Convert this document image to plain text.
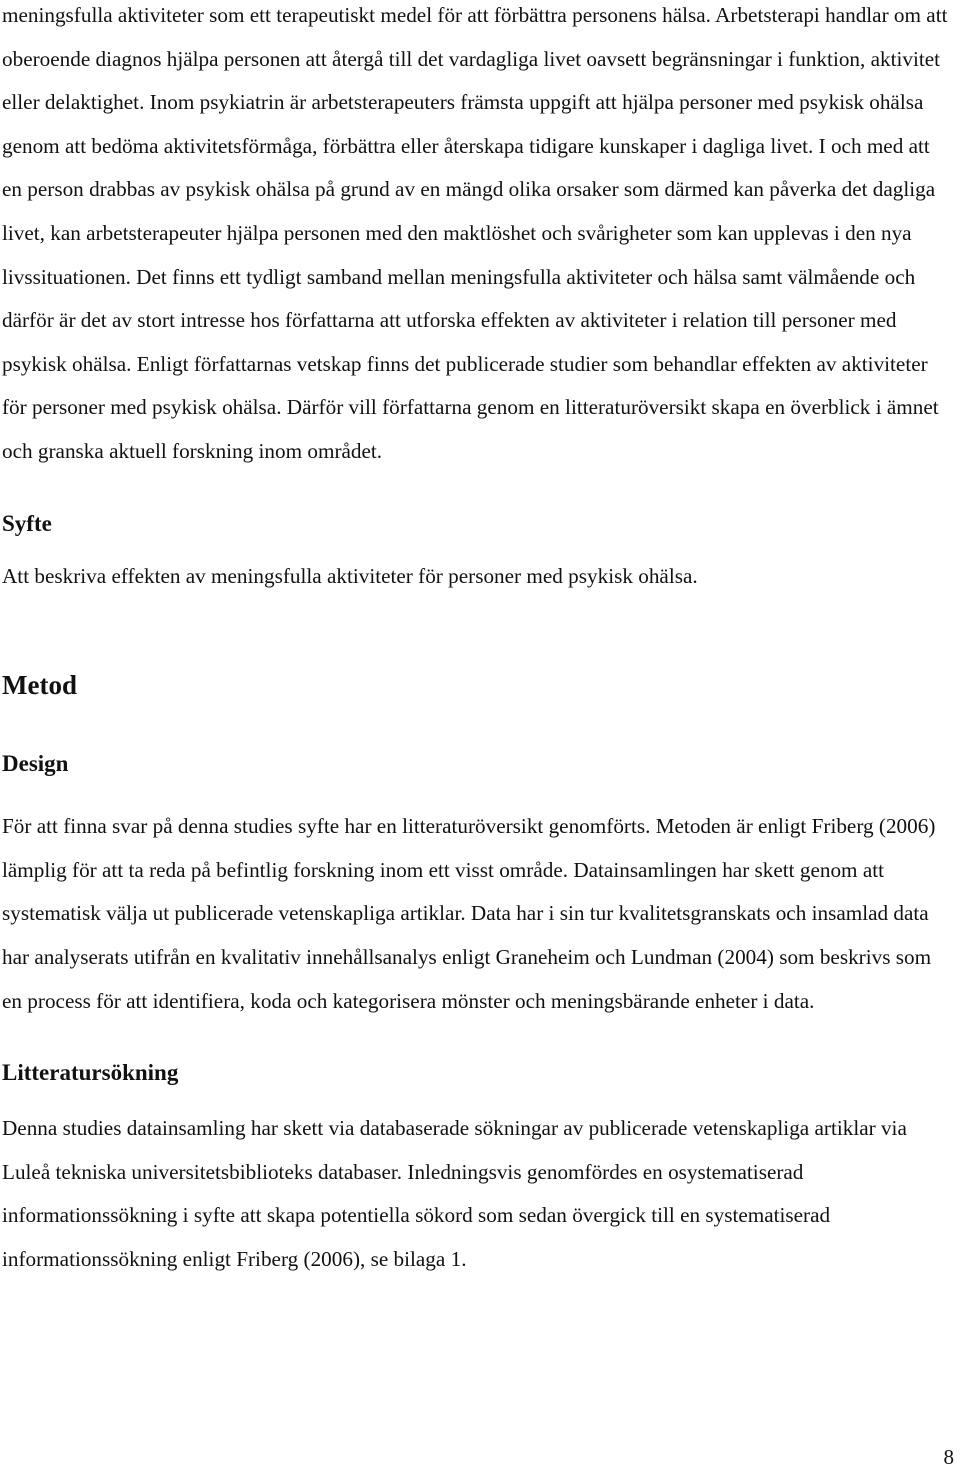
meningsfulla aktiviteter som ett terapeutiskt medel för att förbättra personens hälsa. Arbetsterapi handlar om att oberoende diagnos hjälpa personen att återgå till det vardagliga livet oavsett begränsningar i funktion, aktivitet eller delaktighet. Inom psykiatrin är arbetsterapeuters främsta uppgift att hjälpa personer med psykisk ohälsa genom att bedöma aktivitetsförmåga, förbättra eller återskapa tidigare kunskaper i dagliga livet. I och med att en person drabbas av psykisk ohälsa på grund av en mängd olika orsaker som därmed kan påverka det dagliga livet, kan arbetsterapeuter hjälpa personen med den maktlöshet och svårigheter som kan upplevas i den nya livssituationen. Det finns ett tydligt samband mellan meningsfulla aktiviteter och hälsa samt välmående och därför är det av stort intresse hos författarna att utforska effekten av aktiviteter i relation till personer med psykisk ohälsa. Enligt författarnas vetskap finns det publicerade studier som behandlar effekten av aktiviteter för personer med psykisk ohälsa. Därför vill författarna genom en litteraturöversikt skapa en överblick i ämnet och granska aktuell forskning inom området.

Syfte

Att beskriva effekten av meningsfulla aktiviteter för personer med psykisk ohälsa.

Metod
Design

För att finna svar på denna studies syfte har en litteraturöversikt genomförts. Metoden är enligt Friberg (2006) lämplig för att ta reda på befintlig forskning inom ett visst område. Datainsamlingen har skett genom att systematisk välja ut publicerade vetenskapliga artiklar. Data har i sin tur kvalitetsgranskats och insamlad data har analyserats utifrån en kvalitativ innehållsanalys enligt Graneheim och Lundman (2004) som beskrivs som en process för att identifiera, koda och kategorisera mönster och meningsbärande enheter i data.

Litteratursökning

Denna studies datainsamling har skett via databaserade sökningar av publicerade vetenskapliga artiklar via Luleå tekniska universitetsbiblioteks databaser. Inledningsvis genomfördes en osystematiserad informationssökning i syfte att skapa potentiella sökord som sedan övergick till en systematiserad informationssökning enligt Friberg (2006), se bilaga 1.

8
